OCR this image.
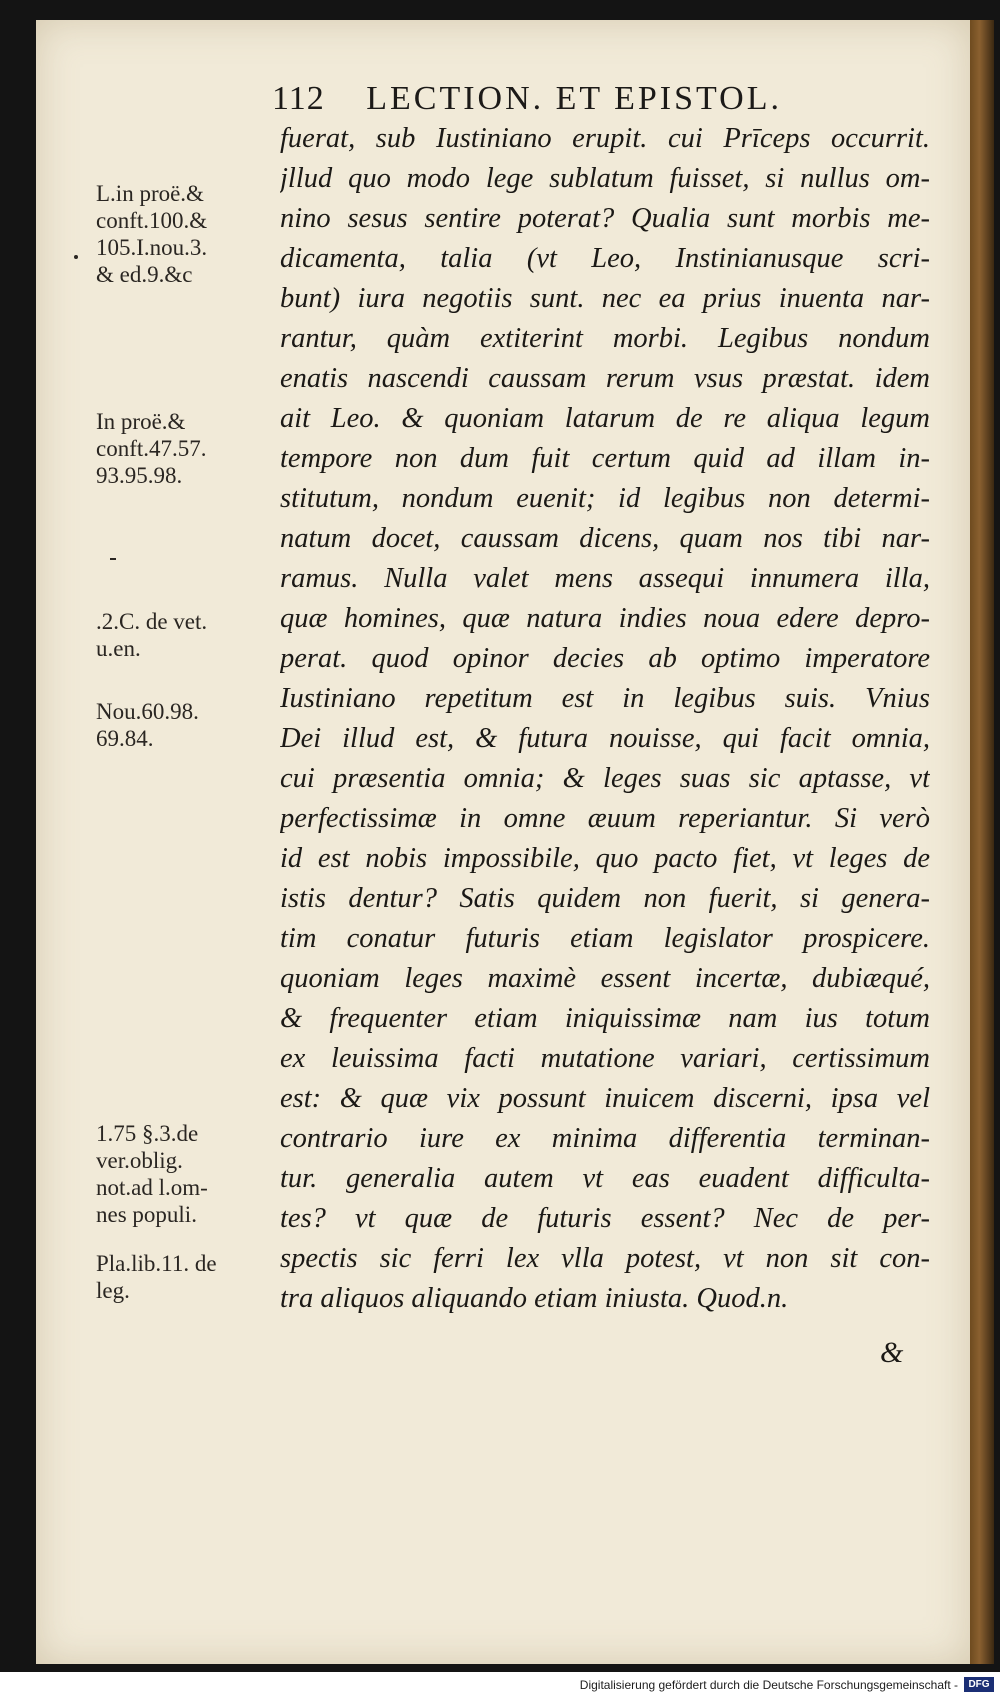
112 LECTION. ET EPISTOL.
fuerat, sub Iustiniano erupit. cui Prīceps occurrit.
jllud quo modo lege sublatum fuisset, si nullus om-
nino sesus sentire poterat? Qualia sunt morbis me-
dicamenta, talia (vt Leo, Instinianusque scri-
bunt) iura negotiis sunt. nec ea prius inuenta nar-
rantur, quàm extiterint morbi. Legibus nondum
enatis nascendi caussam rerum vsus præstat. idem
ait Leo. & quoniam latarum de re aliqua legum
tempore non dum fuit certum quid ad illam in-
stitutum, nondum euenit; id legibus non determi-
natum docet, caussam dicens, quam nos tibi nar-
ramus. Nulla valet mens assequi innumera illa,
quæ homines, quæ natura indies noua edere depro-
perat. quod opinor decies ab optimo imperatore
Iustiniano repetitum est in legibus suis. Vnius
Dei illud est, & futura nouisse, qui facit omnia,
cui præsentia omnia; & leges suas sic aptasse, vt
perfectissimæ in omne æuum reperiantur. Si verò
id est nobis impossibile, quo pacto fiet, vt leges de
istis dentur? Satis quidem non fuerit, si genera-
tim conatur futuris etiam legislator prospicere.
quoniam leges maximè essent incertæ, dubiæqué,
& frequenter etiam iniquissimæ nam ius totum
ex leuissima facti mutatione variari, certissimum
est: & quæ vix possunt inuicem discerni, ipsa vel
contrario iure ex minima differentia terminan-
tur. generalia autem vt eas euadent difficulta-
tes? vt quæ de futuris essent? Nec de per-
spectis sic ferri lex vlla potest, vt non sit con-
tra aliquos aliquando etiam iniusta. Quod.n.
&
L.in proë.&
conft.100.&
105.I.nou.3.
& ed.9.&c
In proë.&
conft.47.57.
93.95.98.
.2.C. de vet.
u.en.
Nou.60.98.
69.84.
1.75 §.3.de
ver.oblig.
not.ad l.om-
nes populi.
Pla.lib.11. de
leg.
Digitalisierung gefördert durch die Deutsche Forschungsgemeinschaft -	DFG
